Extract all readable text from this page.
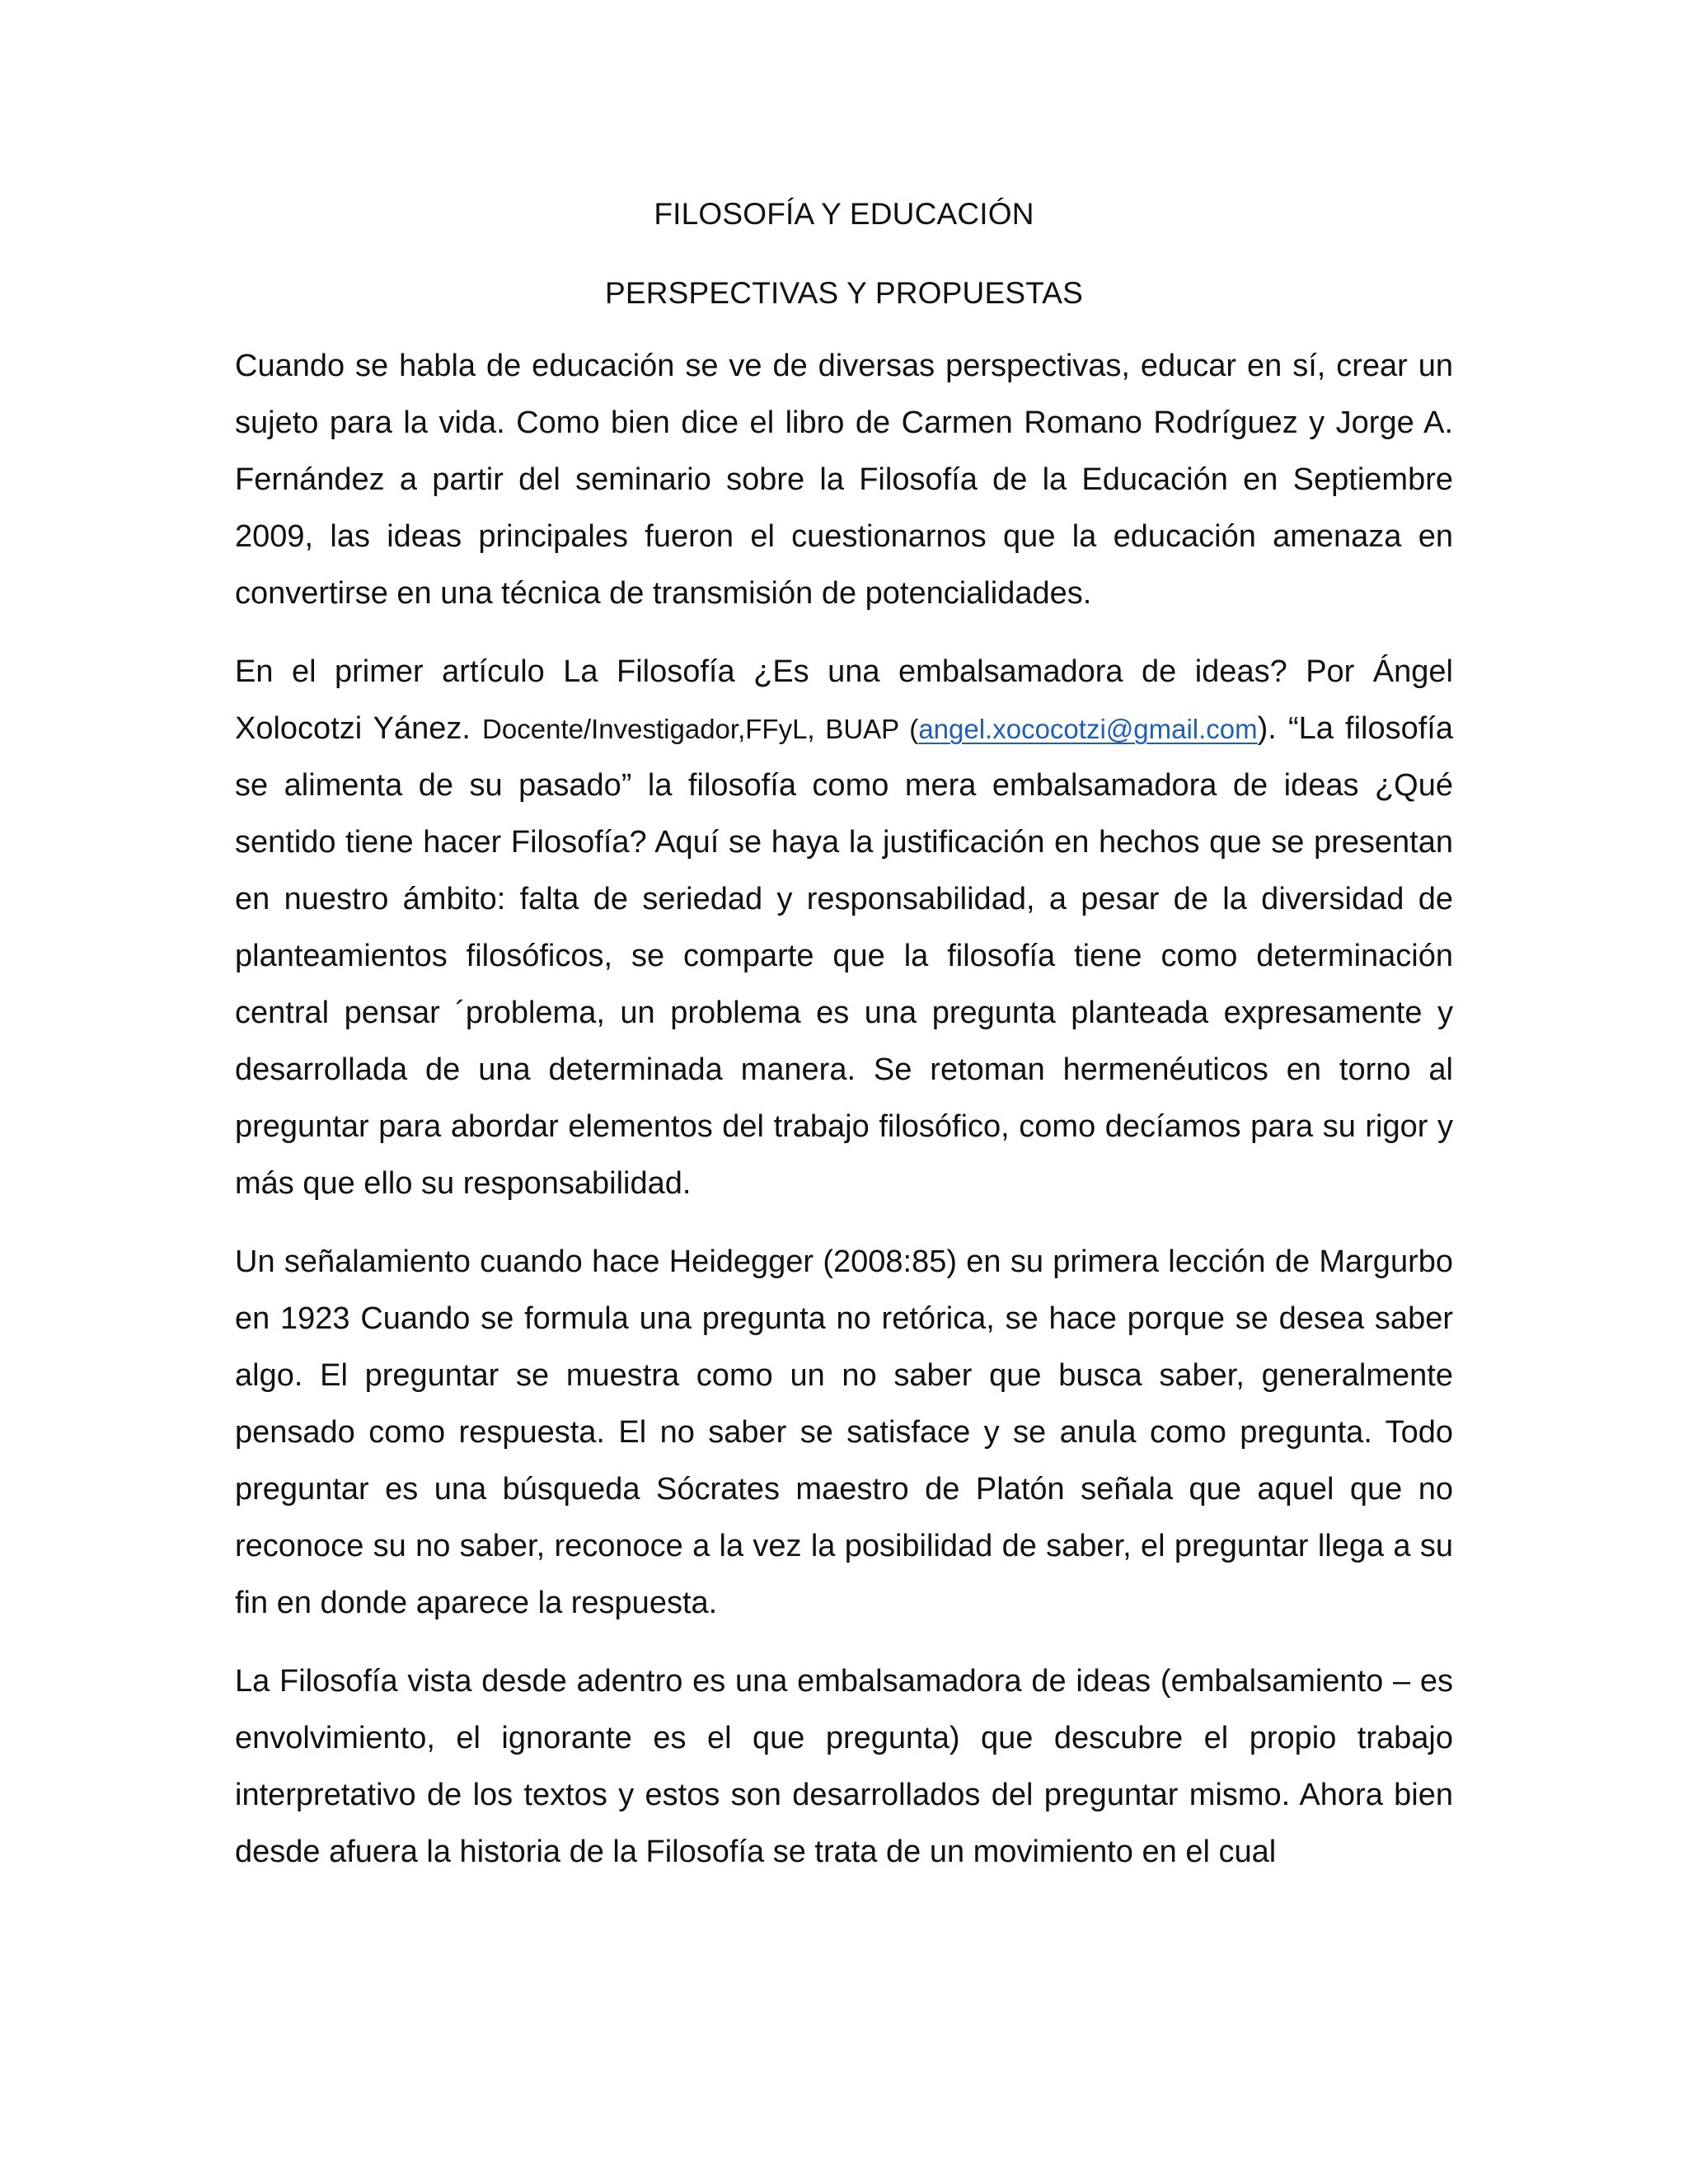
FILOSOFÍA Y EDUCACIÓN
PERSPECTIVAS Y PROPUESTAS

Cuando se habla de educación se ve de diversas perspectivas, educar en sí, crear un sujeto para la vida. Como bien dice el libro de Carmen Romano Rodríguez y Jorge A. Fernández a partir del seminario sobre la Filosofía de la Educación en Septiembre 2009, las ideas principales fueron el cuestionarnos que la educación amenaza en convertirse en una técnica de transmisión de potencialidades.

En el primer artículo La Filosofía ¿Es una embalsamadora de ideas? Por Ángel Xolocotzi Yánez. Docente/Investigador,FFyL, BUAP (angel.xococotzi@gmail.com). “La filosofía se alimenta de su pasado” la filosofía como mera embalsamadora de ideas ¿Qué sentido tiene hacer Filosofía? Aquí se haya la justificación en hechos que se presentan en nuestro ámbito: falta de seriedad y responsabilidad, a pesar de la diversidad de planteamientos filosóficos, se comparte que la filosofía tiene como determinación central pensar ´problema, un problema es una pregunta planteada expresamente y desarrollada de una determinada manera. Se retoman hermenéuticos en torno al preguntar para abordar elementos del trabajo filosófico, como decíamos para su rigor y más que ello su responsabilidad.

Un señalamiento cuando hace Heidegger (2008:85) en su primera lección de Margurbo en 1923 Cuando se formula una pregunta no retórica, se hace porque se desea saber algo. El preguntar se muestra como un no saber que busca saber, generalmente pensado como respuesta. El no saber se satisface y se anula como pregunta. Todo preguntar es una búsqueda Sócrates maestro de Platón señala que aquel que no reconoce su no saber, reconoce a la vez la posibilidad de saber, el preguntar llega a su fin en donde aparece la respuesta.

La Filosofía vista desde adentro es una embalsamadora de ideas (embalsamiento – es envolvimiento, el ignorante es el que pregunta) que descubre el propio trabajo interpretativo de los textos y estos son desarrollados del preguntar mismo. Ahora bien desde afuera la historia de la Filosofía se trata de un movimiento en el cual
